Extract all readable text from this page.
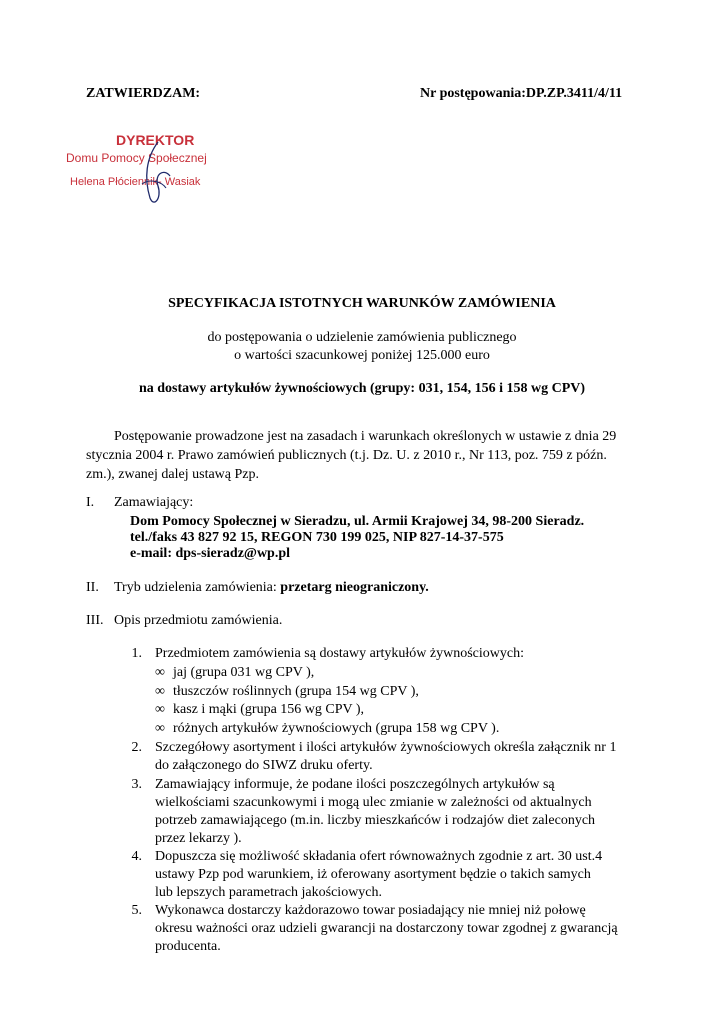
ZATWIERDZAM:	Nr postępowania:DP.ZP.3411/4/11
DYREKTOR
Domu Pomocy Społecznej
Helena Płóciennik- Wasiak
SPECYFIKACJA ISTOTNYCH WARUNKÓW ZAMÓWIENIA
do postępowania o udzielenie zamówienia publicznego
o wartości szacunkowej poniżej 125.000 euro
na dostawy artykułów żywnościowych (grupy: 031, 154, 156 i 158 wg CPV)
Postępowanie prowadzone jest na zasadach i warunkach określonych w ustawie z dnia 29
stycznia 2004 r. Prawo zamówień publicznych (t.j. Dz. U. z 2010 r., Nr 113, poz. 759 z późn.
zm.), zwanej dalej ustawą Pzp.
I. Zamawiający:
Dom Pomocy Społecznej w Sieradzu, ul. Armii Krajowej 34, 98-200 Sieradz.
tel./faks 43 827 92 15, REGON 730 199 025, NIP 827-14-37-575
e-mail: dps-sieradz@wp.pl
II. Tryb udzielenia zamówienia: przetarg nieograniczony.
III. Opis przedmiotu zamówienia.
1. Przedmiotem zamówienia są dostawy artykułów żywnościowych:
∞ jaj (grupa 031 wg CPV ),
∞ tłuszczów roślinnych (grupa 154 wg CPV ),
∞ kasz i mąki (grupa 156 wg CPV ),
∞ różnych artykułów żywnościowych (grupa 158 wg CPV ).
2. Szczegółowy asortyment i ilości artykułów żywnościowych określa załącznik nr 1
do załączonego do SIWZ druku oferty.
3. Zamawiający informuje, że podane ilości poszczególnych artykułów są
wielkościami szacunkowymi i mogą ulec zmianie w zależności od aktualnych
potrzeb zamawiającego (m.in. liczby mieszkańców i rodzajów diet zaleconych
przez lekarzy ).
4. Dopuszcza się możliwość składania ofert równoważnych zgodnie z art. 30 ust.4
ustawy Pzp pod warunkiem, iż oferowany asortyment będzie o takich samych
lub lepszych parametrach jakościowych.
5. Wykonawca dostarczy każdorazowo towar posiadający nie mniej niż połowę
okresu ważności oraz udzieli gwarancji na dostarczony towar zgodnej z gwarancją
producenta.
